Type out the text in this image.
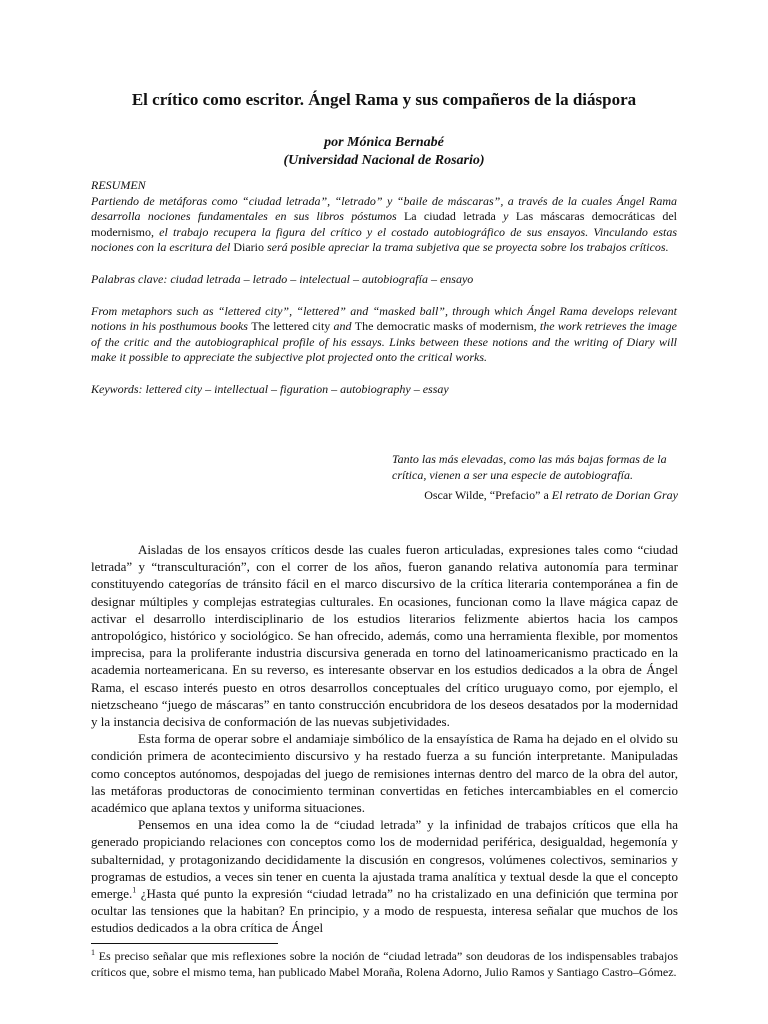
El crítico como escritor. Ángel Rama y sus compañeros de la diáspora
por Mónica Bernabé
(Universidad Nacional de Rosario)

RESUMEN

Partiendo de metáforas como “ciudad letrada”, “letrado” y “baile de máscaras”, a través de la cuales Ángel Rama desarrolla nociones fundamentales en sus libros póstumos La ciudad letrada y Las máscaras democráticas del modernismo, el trabajo recupera la figura del crítico y el costado autobiográfico de sus ensayos. Vinculando estas nociones con la escritura del Diario será posible apreciar la trama subjetiva que se proyecta sobre los trabajos críticos.

Palabras clave: ciudad letrada – letrado – intelectual – autobiografía – ensayo

From metaphors such as “lettered city”, “lettered” and “masked ball”, through which Ángel Rama develops relevant notions in his posthumous books The lettered city and The democratic masks of modernism, the work retrieves the image of the critic and the autobiographical profile of his essays. Links between these notions and the writing of Diary will make it possible to appreciate the subjective plot projected onto the critical works.

Keywords: lettered city – intellectual – figuration – autobiography – essay

Tanto las más elevadas, como las más bajas formas de la crítica, vienen a ser una especie de autobiografía.
Oscar Wilde, “Prefacio” a El retrato de Dorian Gray

Aisladas de los ensayos críticos desde las cuales fueron articuladas, expresiones tales como “ciudad letrada” y “transculturación”, con el correr de los años, fueron ganando relativa autonomía para terminar constituyendo categorías de tránsito fácil en el marco discursivo de la crítica literaria contemporánea a fin de designar múltiples y complejas estrategias culturales. En ocasiones, funcionan como la llave mágica capaz de activar el desarrollo interdisciplinario de los estudios literarios felizmente abiertos hacia los campos antropológico, histórico y sociológico. Se han ofrecido, además, como una herramienta flexible, por momentos imprecisa, para la proliferante industria discursiva generada en torno del latinoamericanismo practicado en la academia norteamericana. En su reverso, es interesante observar en los estudios dedicados a la obra de Ángel Rama, el escaso interés puesto en otros desarrollos conceptuales del crítico uruguayo como, por ejemplo, el nietzscheano “juego de máscaras” en tanto construcción encubridora de los deseos desatados por la modernidad y la instancia decisiva de conformación de las nuevas subjetividades.

Esta forma de operar sobre el andamiaje simbólico de la ensayística de Rama ha dejado en el olvido su condición primera de acontecimiento discursivo y ha restado fuerza a su función interpretante. Manipuladas como conceptos autónomos, despojadas del juego de remisiones internas dentro del marco de la obra del autor, las metáforas productoras de conocimiento terminan convertidas en fetiches intercambiables en el comercio académico que aplana textos y uniforma situaciones.

Pensemos en una idea como la de “ciudad letrada” y la infinidad de trabajos críticos que ella ha generado propiciando relaciones con conceptos como los de modernidad periférica, desigualdad, hegemonía y subalternidad, y protagonizando decididamente la discusión en congresos, volúmenes colectivos, seminarios y programas de estudios, a veces sin tener en cuenta la ajustada trama analítica y textual desde la que el concepto emerge.$^1$ ¿Hasta qué punto la expresión “ciudad letrada” no ha cristalizado en una definición que termina por ocultar las tensiones que la habitan? En principio, y a modo de respuesta, interesa señalar que muchos de los estudios dedicados a la obra crítica de Ángel

$^1$ Es preciso señalar que mis reflexiones sobre la noción de “ciudad letrada” son deudoras de los indispensables trabajos críticos que, sobre el mismo tema, han publicado Mabel Moraña, Rolena Adorno, Julio Ramos y Santiago Castro–Gómez.
